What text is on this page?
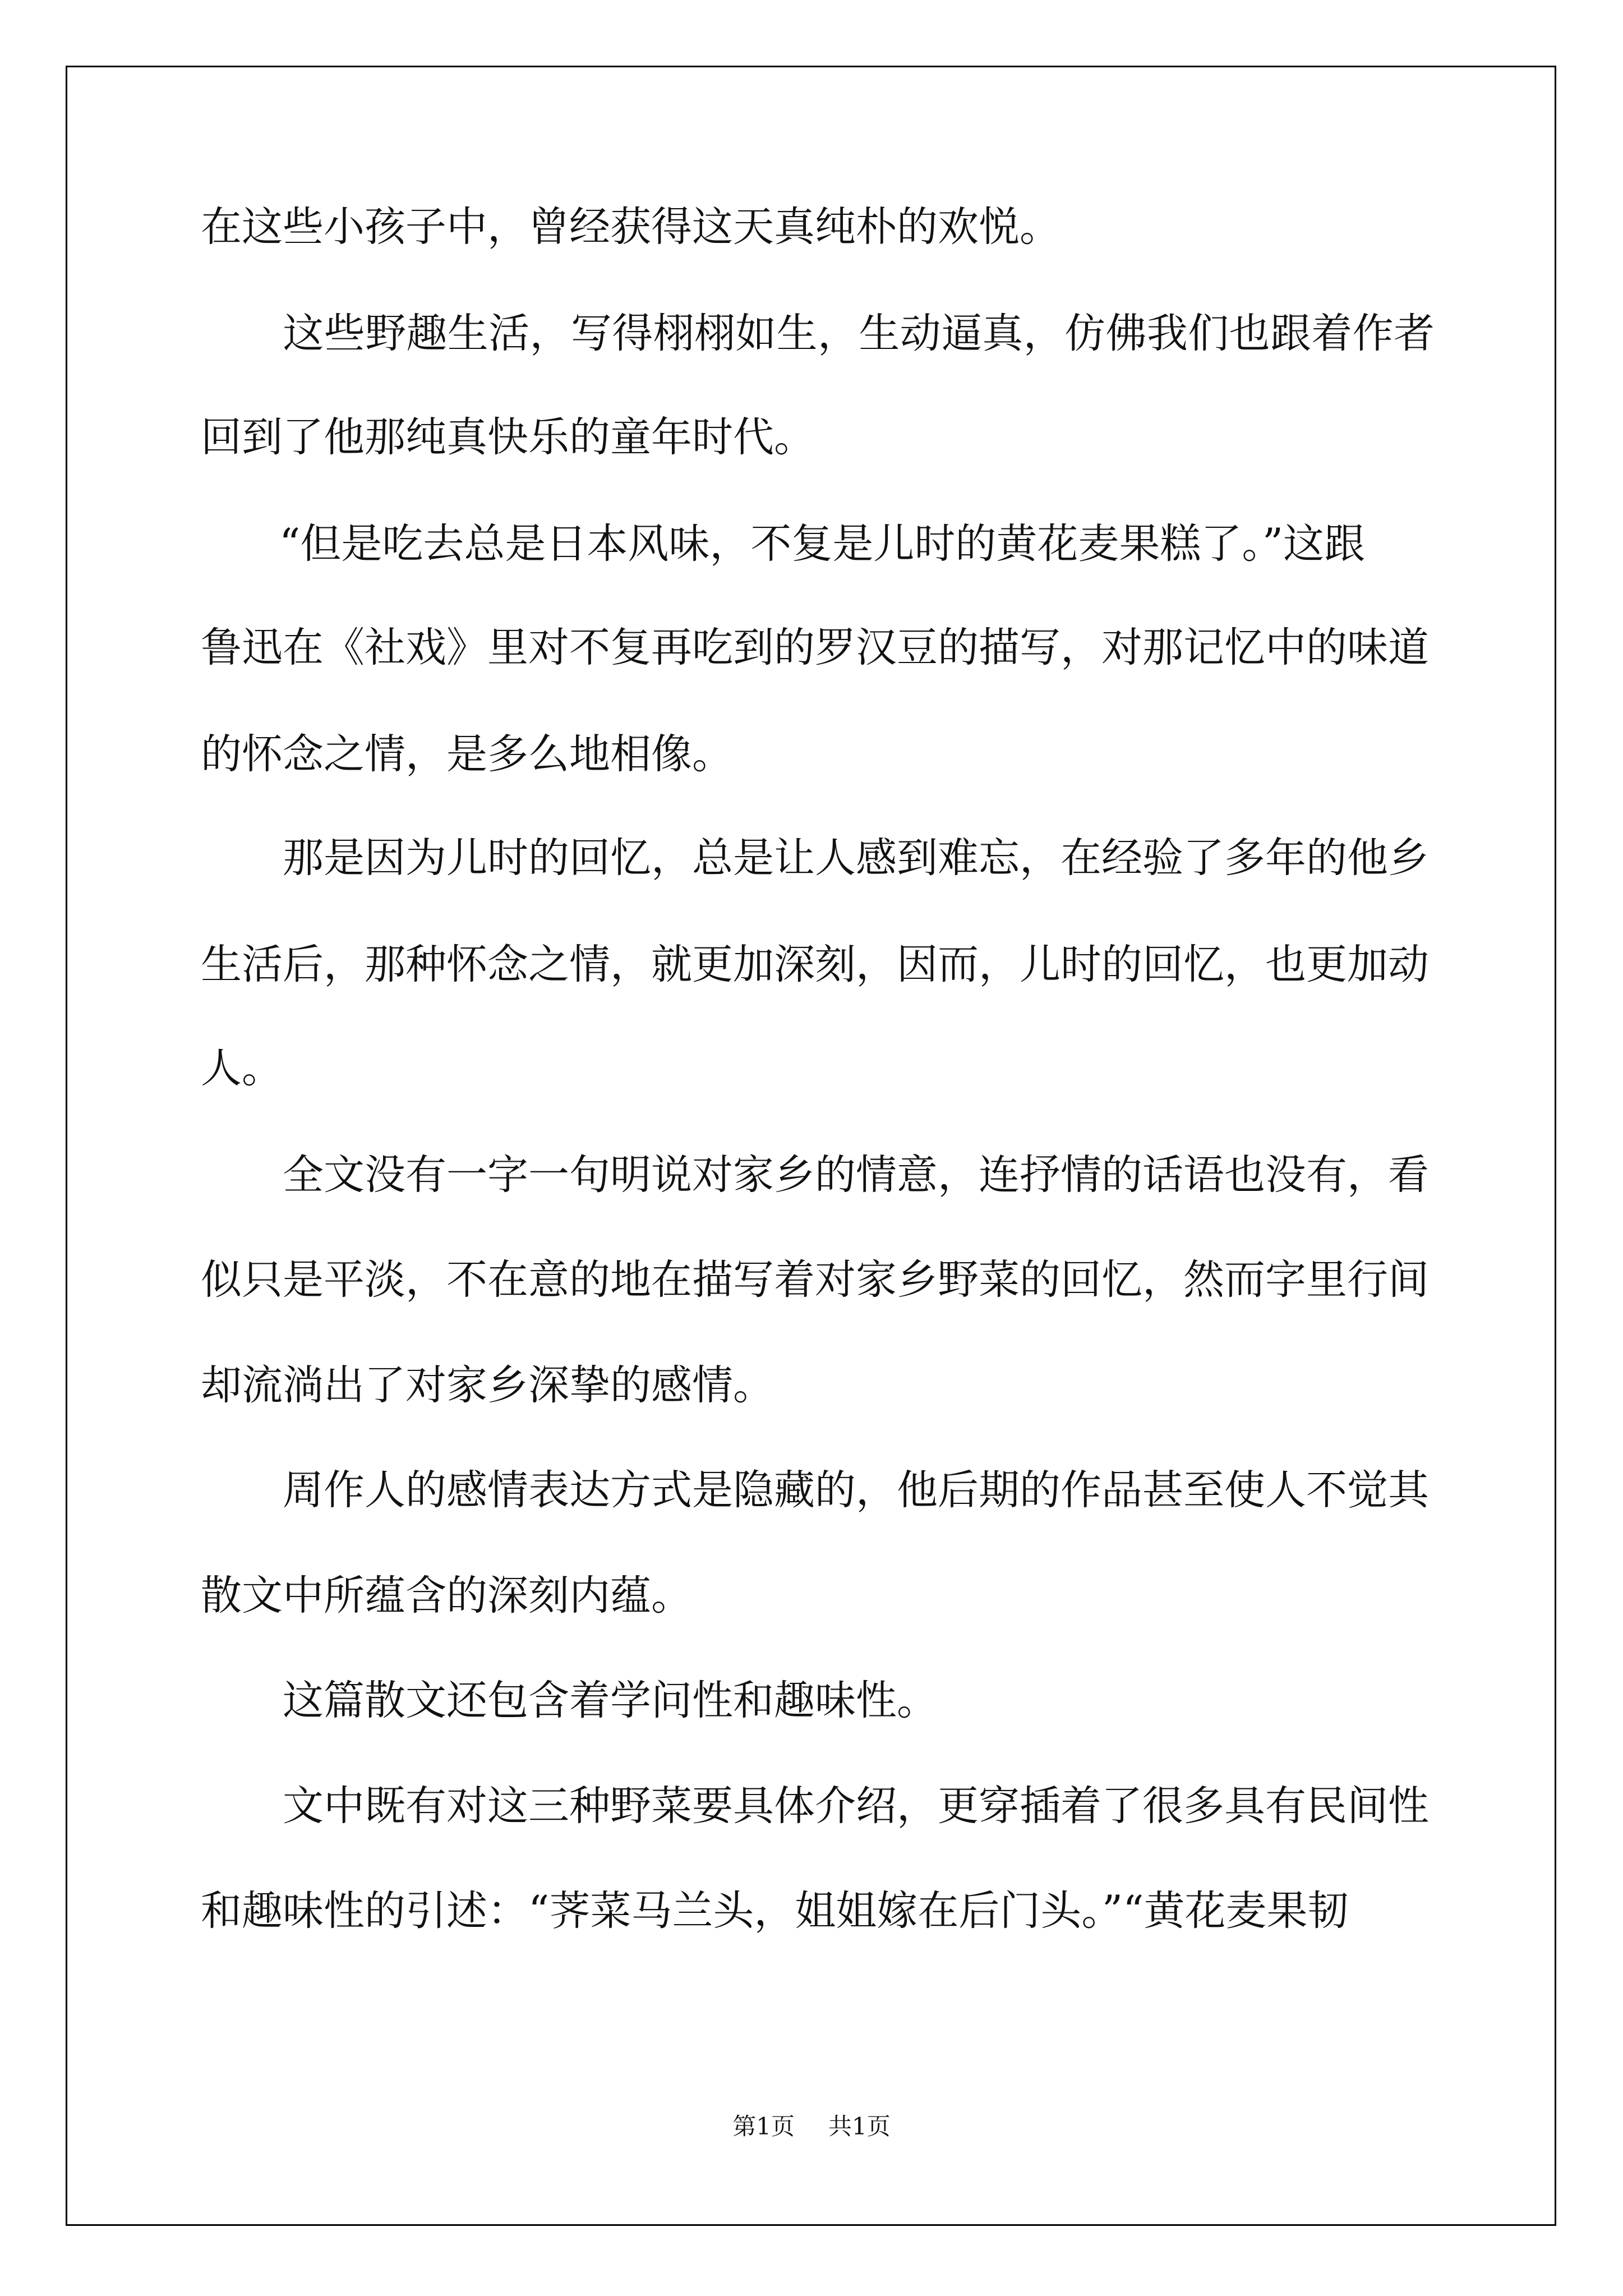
在这些小孩子中，曾经获得这天真纯朴的欢悦。
这些野趣生活，写得栩栩如生，生动逼真，仿佛我们也跟着作者
回到了他那纯真快乐的童年时代。
“但是吃去总是日本风味，不复是儿时的黄花麦果糕了。”这跟
鲁迅在《社戏》里对不复再吃到的罗汉豆的描写，对那记忆中的味道
的怀念之情，是多么地相像。
那是因为儿时的回忆，总是让人感到难忘，在经验了多年的他乡
生活后，那种怀念之情，就更加深刻，因而，儿时的回忆，也更加动
人。
全文没有一字一句明说对家乡的情意，连抒情的话语也没有，看
似只是平淡，不在意的地在描写着对家乡野菜的回忆，然而字里行间
却流淌出了对家乡深挚的感情。
周作人的感情表达方式是隐藏的，他后期的作品甚至使人不觉其
散文中所蕴含的深刻内蕴。
这篇散文还包含着学问性和趣味性。
文中既有对这三种野菜要具体介绍，更穿插着了很多具有民间性
和趣味性的引述：“荠菜马兰头，姐姐嫁在后门头。”“黄花麦果韧
第1页 共1页
